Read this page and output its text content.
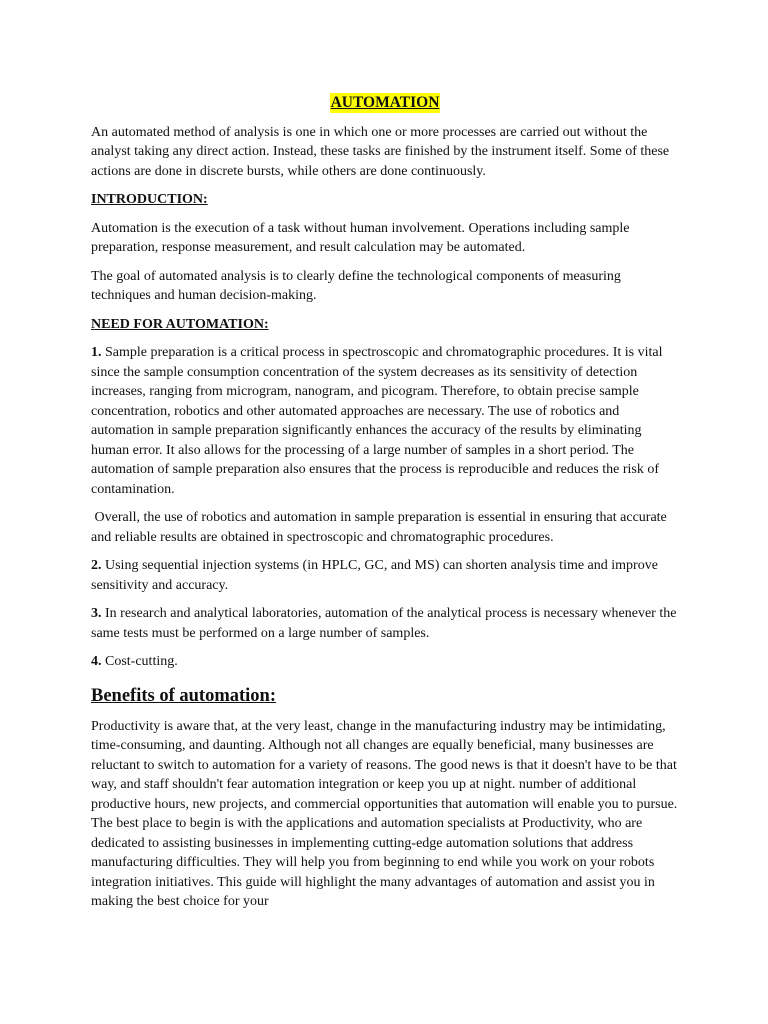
AUTOMATION

An automated method of analysis is one in which one or more processes are carried out without the analyst taking any direct action. Instead, these tasks are finished by the instrument itself. Some of these actions are done in discrete bursts, while others are done continuously.

INTRODUCTION:

Automation is the execution of a task without human involvement. Operations including sample preparation, response measurement, and result calculation may be automated.

The goal of automated analysis is to clearly define the technological components of measuring techniques and human decision-making.

NEED FOR AUTOMATION:

1. Sample preparation is a critical process in spectroscopic and chromatographic procedures. It is vital since the sample consumption concentration of the system decreases as its sensitivity of detection increases, ranging from microgram, nanogram, and picogram. Therefore, to obtain precise sample concentration, robotics and other automated approaches are necessary. The use of robotics and automation in sample preparation significantly enhances the accuracy of the results by eliminating human error. It also allows for the processing of a large number of samples in a short period. The automation of sample preparation also ensures that the process is reproducible and reduces the risk of contamination.

Overall, the use of robotics and automation in sample preparation is essential in ensuring that accurate and reliable results are obtained in spectroscopic and chromatographic procedures.

2. Using sequential injection systems (in HPLC, GC, and MS) can shorten analysis time and improve sensitivity and accuracy.

3. In research and analytical laboratories, automation of the analytical process is necessary whenever the same tests must be performed on a large number of samples.

4. Cost-cutting.

Benefits of automation:

Productivity is aware that, at the very least, change in the manufacturing industry may be intimidating, time-consuming, and daunting. Although not all changes are equally beneficial, many businesses are reluctant to switch to automation for a variety of reasons. The good news is that it doesn't have to be that way, and staff shouldn't fear automation integration or keep you up at night. number of additional productive hours, new projects, and commercial opportunities that automation will enable you to pursue. The best place to begin is with the applications and automation specialists at Productivity, who are dedicated to assisting businesses in implementing cutting-edge automation solutions that address manufacturing difficulties. They will help you from beginning to end while you work on your robots integration initiatives. This guide will highlight the many advantages of automation and assist you in making the best choice for your
